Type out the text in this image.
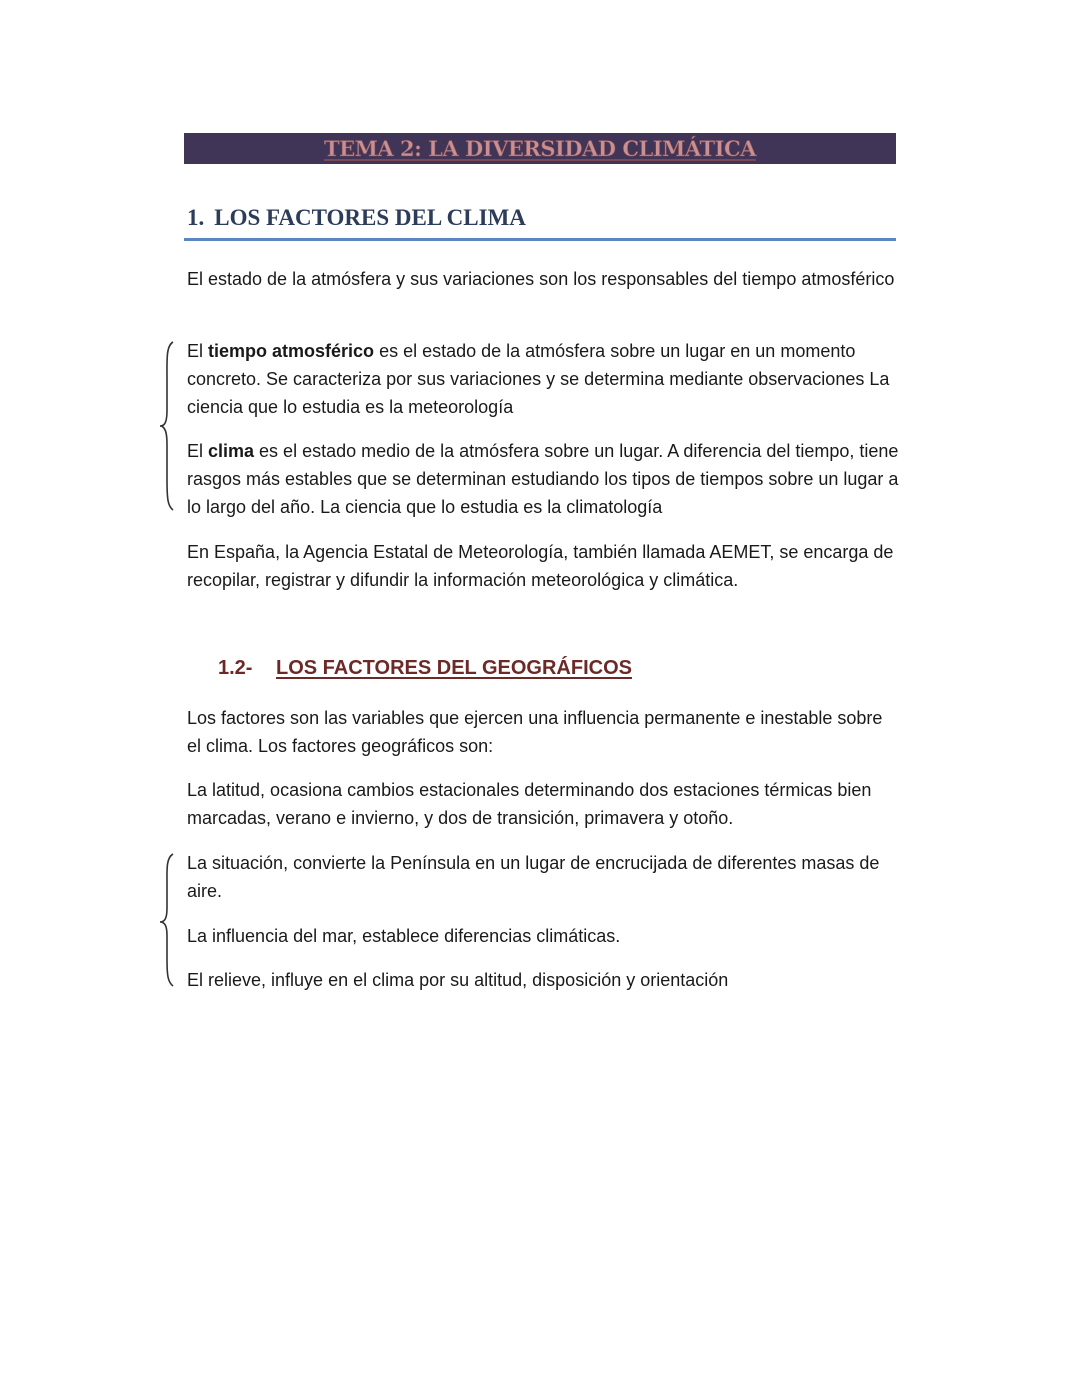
TEMA 2: LA DIVERSIDAD CLIMÁTICA
1. LOS FACTORES DEL CLIMA
El estado de la atmósfera y sus variaciones son los responsables del tiempo atmosférico
El tiempo atmosférico es el estado de la atmósfera sobre un lugar en un momento concreto. Se caracteriza por sus variaciones y se determina mediante observaciones La ciencia que lo estudia es la meteorología
El clima es el estado medio de la atmósfera sobre un lugar. A diferencia del tiempo, tiene rasgos más estables que se determinan estudiando los tipos de tiempos sobre un lugar a lo largo del año. La ciencia que lo estudia es la climatología
En España, la Agencia Estatal de Meteorología, también llamada AEMET, se encarga de recopilar, registrar y difundir la información meteorológica y climática.
1.2- LOS FACTORES DEL GEOGRÁFICOS
Los factores son las variables que ejercen una influencia permanente e inestable sobre el clima. Los factores geográficos son:
La latitud, ocasiona cambios estacionales determinando dos estaciones térmicas bien marcadas, verano e invierno, y dos de transición, primavera y otoño.
La situación, convierte la Península en un lugar de encrucijada de diferentes masas de aire.
La influencia del mar, establece diferencias climáticas.
El relieve, influye en el clima por su altitud, disposición y orientación
